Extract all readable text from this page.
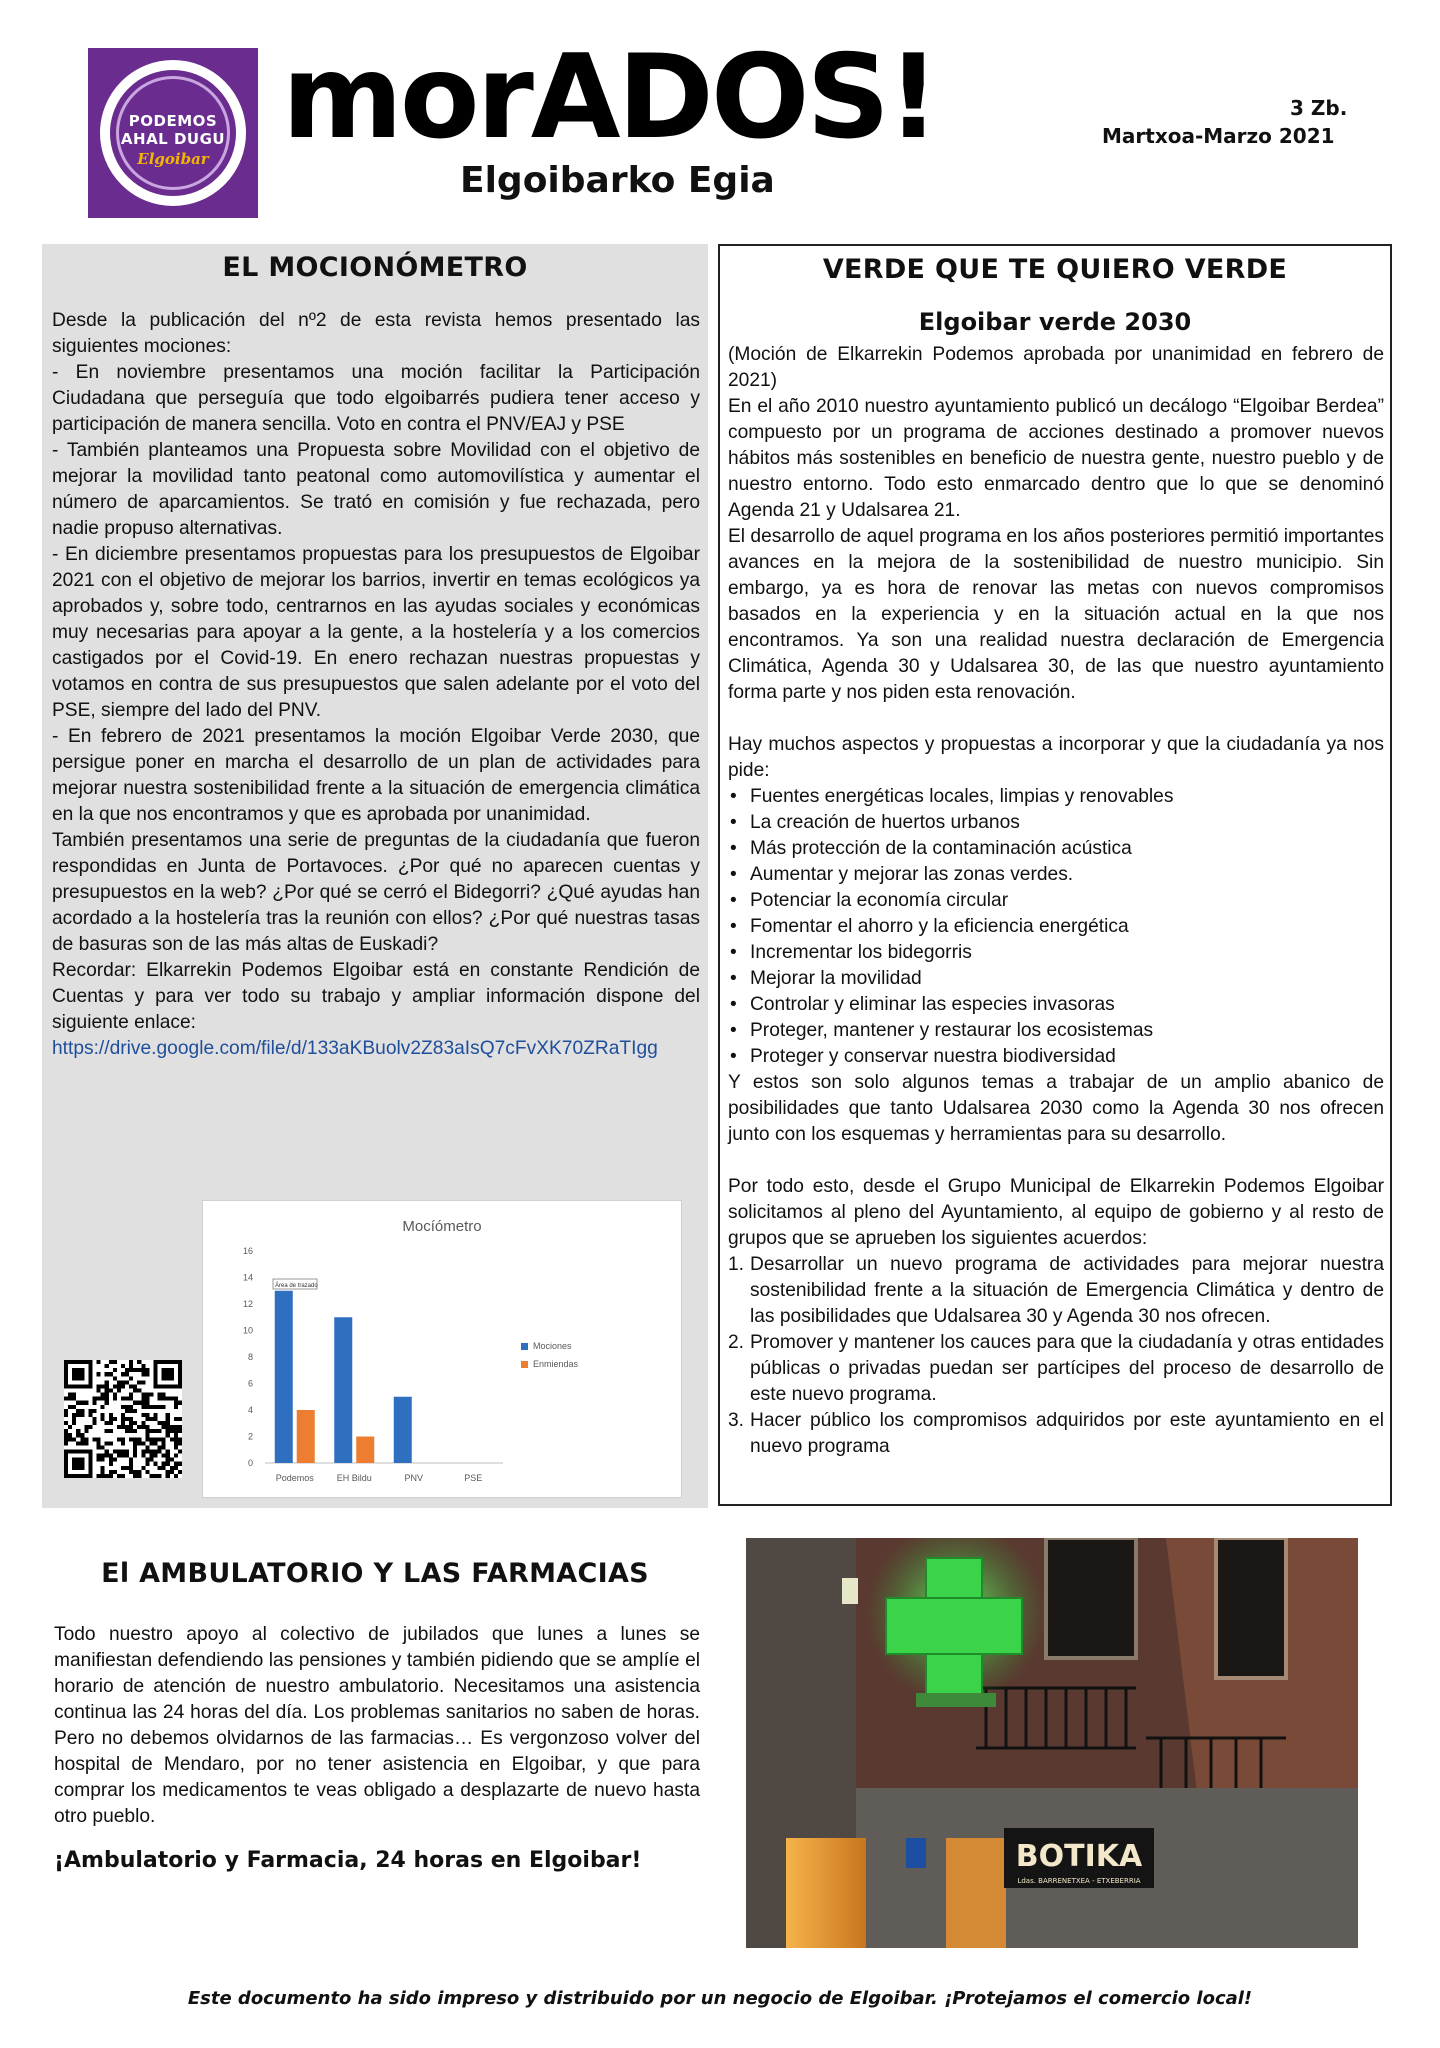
PODEMOS
AHAL DUGU
Elgoibar morADOS!
Elgoibarko Egia
3 Zb.
Martxoa-Marzo 2021
EL MOCIONÓMETRO

Desde la publicación del nº2 de esta revista hemos presentado las siguientes mociones:

- En noviembre presentamos una moción facilitar la Participación Ciudadana que perseguía que todo elgoibarrés pudiera tener acceso y participación de manera sencilla. Voto en contra el PNV/EAJ y PSE

- También planteamos una Propuesta sobre Movilidad con el objetivo de mejorar la movilidad tanto peatonal como automovilística y aumentar el número de aparcamientos. Se trató en comisión y fue rechazada, pero nadie propuso alternativas.

- En diciembre presentamos propuestas para los presupuestos de Elgoibar 2021 con el objetivo de mejorar los barrios, invertir en temas ecológicos ya aprobados y, sobre todo, centrarnos en las ayudas sociales y económicas muy necesarias para apoyar a la gente, a la hostelería y a los comercios castigados por el Covid-19. En enero rechazan nuestras propuestas y votamos en contra de sus presupuestos que salen adelante por el voto del PSE, siempre del lado del PNV.

- En febrero de 2021 presentamos la moción Elgoibar Verde 2030, que persigue poner en marcha el desarrollo de un plan de actividades para mejorar nuestra sostenibilidad frente a la situación de emergencia climática en la que nos encontramos y que es aprobada por unanimidad.

También presentamos una serie de preguntas de la ciudadanía que fueron respondidas en Junta de Portavoces. ¿Por qué no aparecen cuentas y presupuestos en la web? ¿Por qué se cerró el Bidegorri? ¿Qué ayudas han acordado a la hostelería tras la reunión con ellos? ¿Por qué nuestras tasas de basuras son de las más altas de Euskadi?

Recordar: Elkarrekin Podemos Elgoibar está en constante Rendición de Cuentas y para ver todo su trabajo y ampliar información dispone del siguiente enlace:

https://drive.google.com/file/d/133aKBuolv2Z83aIsQ7cFvXK70ZRaTIgg

Mocíómetro
0
2
4
6
8
10
12
14
16
Podemos	EH Bildu	PNV	PSE
Mociones
Enmiendas
Área de trazado
VERDE QUE TE QUIERO VERDE
Elgoibar verde 2030

(Moción de Elkarrekin Podemos aprobada por unanimidad en febrero de 2021)

En el año 2010 nuestro ayuntamiento publicó un decálogo “Elgoibar Berdea” compuesto por un programa de acciones destinado a promover nuevos hábitos más sostenibles en beneficio de nuestra gente, nuestro pueblo y de nuestro entorno. Todo esto enmarcado dentro que lo que se denominó Agenda 21 y Udalsarea 21.

El desarrollo de aquel programa en los años posteriores permitió importantes avances en la mejora de la sostenibilidad de nuestro municipio. Sin embargo, ya es hora de renovar las metas con nuevos compromisos basados en la experiencia y en la situación actual en la que nos encontramos. Ya son una realidad nuestra declaración de Emergencia Climática, Agenda 30 y Udalsarea 30, de las que nuestro ayuntamiento forma parte y nos piden esta renovación.

Hay muchos aspectos y propuestas a incorporar y que la ciudadanía ya nos pide:

• Fuentes energéticas locales, limpias y renovables
• La creación de huertos urbanos
• Más protección de la contaminación acústica
• Aumentar y mejorar las zonas verdes.
• Potenciar la economía circular
• Fomentar el ahorro y la eficiencia energética
• Incrementar los bidegorris
• Mejorar la movilidad
• Controlar y eliminar las especies invasoras
• Proteger, mantener y restaurar los ecosistemas
• Proteger y conservar nuestra biodiversidad

Y estos son solo algunos temas a trabajar de un amplio abanico de posibilidades que tanto Udalsarea 2030 como la Agenda 30 nos ofrecen junto con los esquemas y herramientas para su desarrollo.

Por todo esto, desde el Grupo Municipal de Elkarrekin Podemos Elgoibar solicitamos al pleno del Ayuntamiento, al equipo de gobierno y al resto de grupos que se aprueben los siguientes acuerdos:

1. Desarrollar un nuevo programa de actividades para mejorar nuestra sostenibilidad frente a la situación de Emergencia Climática y dentro de las posibilidades que Udalsarea 30 y Agenda 30 nos ofrecen.
2. Promover y mantener los cauces para que la ciudadanía y otras entidades públicas o privadas puedan ser partícipes del proceso de desarrollo de este nuevo programa.
3. Hacer público los compromisos adquiridos por este ayuntamiento en el nuevo programa
El AMBULATORIO Y LAS FARMACIAS
Todo nuestro apoyo al colectivo de jubilados que lunes a lunes se manifiestan defendiendo las pensiones y también pidiendo que se amplíe el horario de atención de nuestro ambulatorio. Necesitamos una asistencia continua las 24 horas del día. Los problemas sanitarios no saben de horas. Pero no debemos olvidarnos de las farmacias… Es vergonzoso volver del hospital de Mendaro, por no tener asistencia en Elgoibar, y que para comprar los medicamentos te veas obligado a desplazarte de nuevo hasta otro pueblo.
¡Ambulatorio y Farmacia, 24 horas en Elgoibar!	BOTIKA
Ldas. BARRENETXEA - ETXEBERRIA
Este documento ha sido impreso y distribuido por un negocio de Elgoibar. ¡Protejamos el comercio local!
